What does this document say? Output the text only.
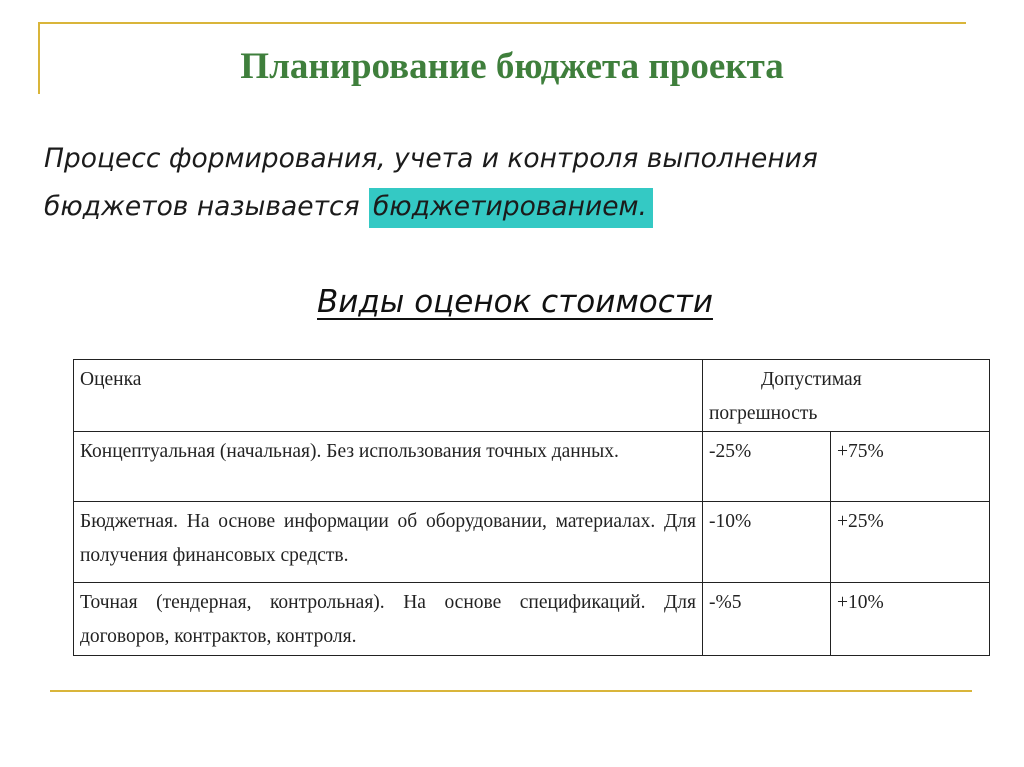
Планирование бюджета проекта
Процесс формирования, учета и контроля выполнения
бюджетов называется бюджетированием.
Виды оценок стоимости
Оценка	Допустимая
погрешность	

Концептуальная (начальная). Без использования точных данных.	-25%	+75%
Бюджетная. На основе информации об оборудовании, материалах. Для получения финансовых средств.	-10%	+25%
Точная (тендерная, контрольная). На основе спецификаций. Для договоров, контрактов, контроля.	-%5	+10%
